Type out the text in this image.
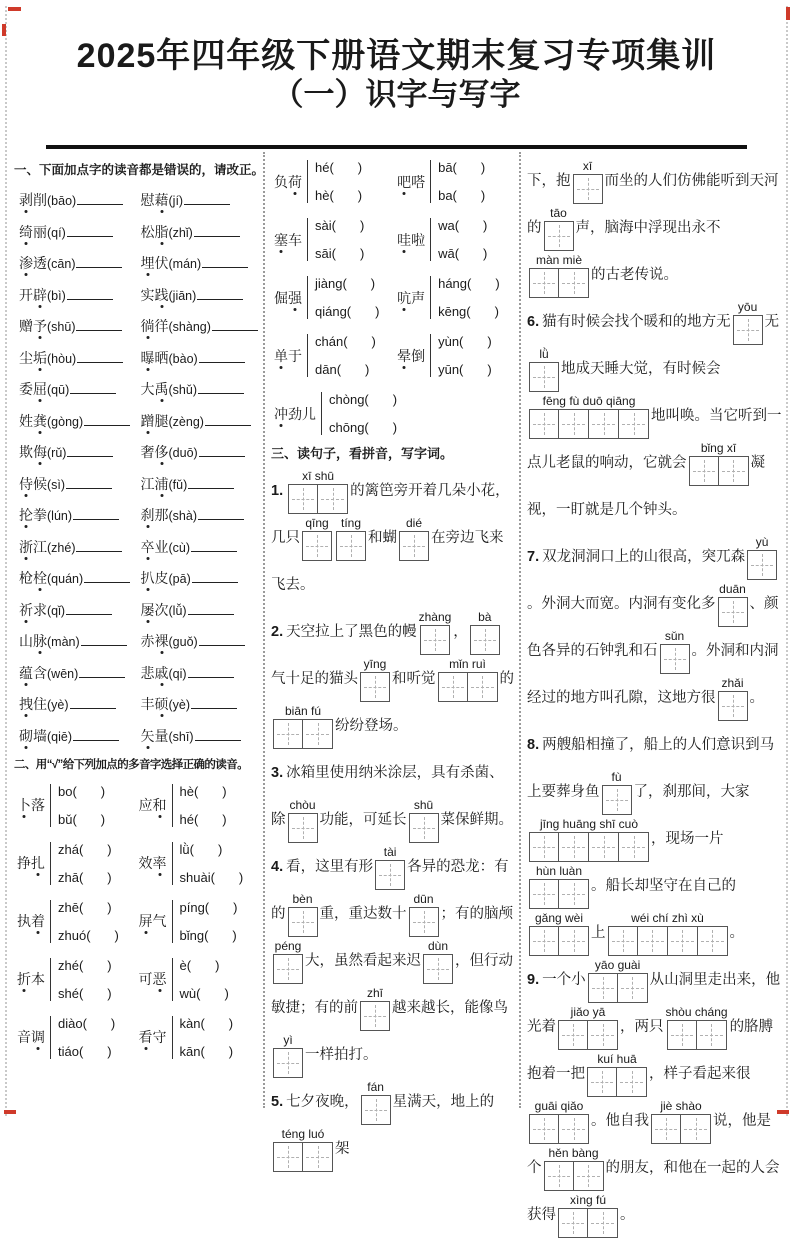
2025年四年级下册语文期末复习专项集训
（一）识字与写字
一、下面加点字的读音都是错误的，请改正。
剥削(bāo)	慰藉(jí)
绮丽(qí)	松脂(zhǐ)
渗透(cān)	埋伏(mán)
开辟(bì)	实践(jiān)
赠予(shū)	徜徉(shàng)
尘垢(hòu)	曝晒(bào)
委屈(qū)	大禹(shǔ)
姓龚(gòng)	蹭腿(zèng)
欺侮(rǔ)	奢侈(duō)
侍候(sì)	江浦(fǔ)
抡拳(lún)	刹那(shà)
浙江(zhé)	卒业(cù)
枪栓(quán)	扒皮(pā)
祈求(qǐ)	屡次(lǚ)
山脉(màn)	赤裸(guǒ)
蕴含(wēn)	悲戚(qi)
拽住(yè)	丰硕(yè)
砌墙(qiē)	矢量(shī)
二、用“√”给下列加点的多音字选择正确的读音。
卜落
bo( )
bǔ( )
应和
hè( )
hé( )
挣扎
zhá( )
zhā( )
效率
lǜ( )
shuài( )
执着
zhē( )
zhuó( )
屏气
píng( )
bǐng( )
折本
zhé( )
shé( )
可恶
è( )
wù( )
音调
diào( )
tiáo( )
看守
kàn( )
kān( )
负荷
hé( )
hè( )
吧嗒
bā( )
ba( )
塞车
sài( )
sāi( )
哇啦
wa( )
wā( )
倔强
jiàng( )
qiáng( )
吭声
háng( )
kēng( )
单于
chán( )
dān( )
晕倒
yùn( )
yūn( )
冲劲儿
chòng( )
chōng( )
三、读句子，看拼音，写字词。
1.
xī shū
的篱笆旁开着几朵小花，几只
qīng tíng
和蝴
dié
在旁边飞来飞去。
2. 天空拉上了黑色的幔
zhàng
，
bà
气十足的猫头
yīng
和听觉
mǐn ruì
的
biān fú
纷纷登场。
3. 冰箱里使用纳米涂层，具有杀菌、除
chòu
功能，可延长
shū
菜保鲜期。
4. 看，这里有形
tài
各异的恐龙：有的
bèn
重，重达数十
dūn
；有的脑颅
péng
大，虽然看起来迟
dùn
，但行动敏捷；有的前
zhī
越来越长，能像鸟
yì
一样拍打。
5. 七夕夜晚，
fán
星满天，地上的
téng luó
架
下，抱
xī
而坐的人们仿佛能听到天河的
tāo
声，脑海中浮现出永不
màn miè
的古老传说。
6. 猫有时候会找个暖和的地方无
yōu
无
lǜ
地成天睡大觉，有时候会
fēng fù duō qiāng
地叫唤。当它听到一点儿老鼠的响动，它就会
bǐng xī
凝视，一盯就是几个钟头。
7. 双龙洞洞口上的山很高，突兀森
yù
。外洞大而宽。内洞有变化多
duān
、颜色各异的石钟乳和石
sǔn
。外洞和内洞经过的地方叫孔隙，这地方很
zhǎi
。
8. 两艘船相撞了，船上的人们意识到马上要葬身鱼
fù
了，刹那间，大家
jīng huāng shī cuò
，现场一片
hùn luàn
。船长却坚守在自己的
gǎng wèi
上
wéi chí zhì xù
。
9. 一个小
yāo guài
从山洞里走出来，他光着
jiǎo yā
，两只
shòu cháng
的胳膊抱着一把
kuí huā
，样子看起来很
guāi qiǎo
。他自我
jiè shào
说，他是个
hěn bàng
的朋友，和他在一起的人会获得
xìng fú
。
